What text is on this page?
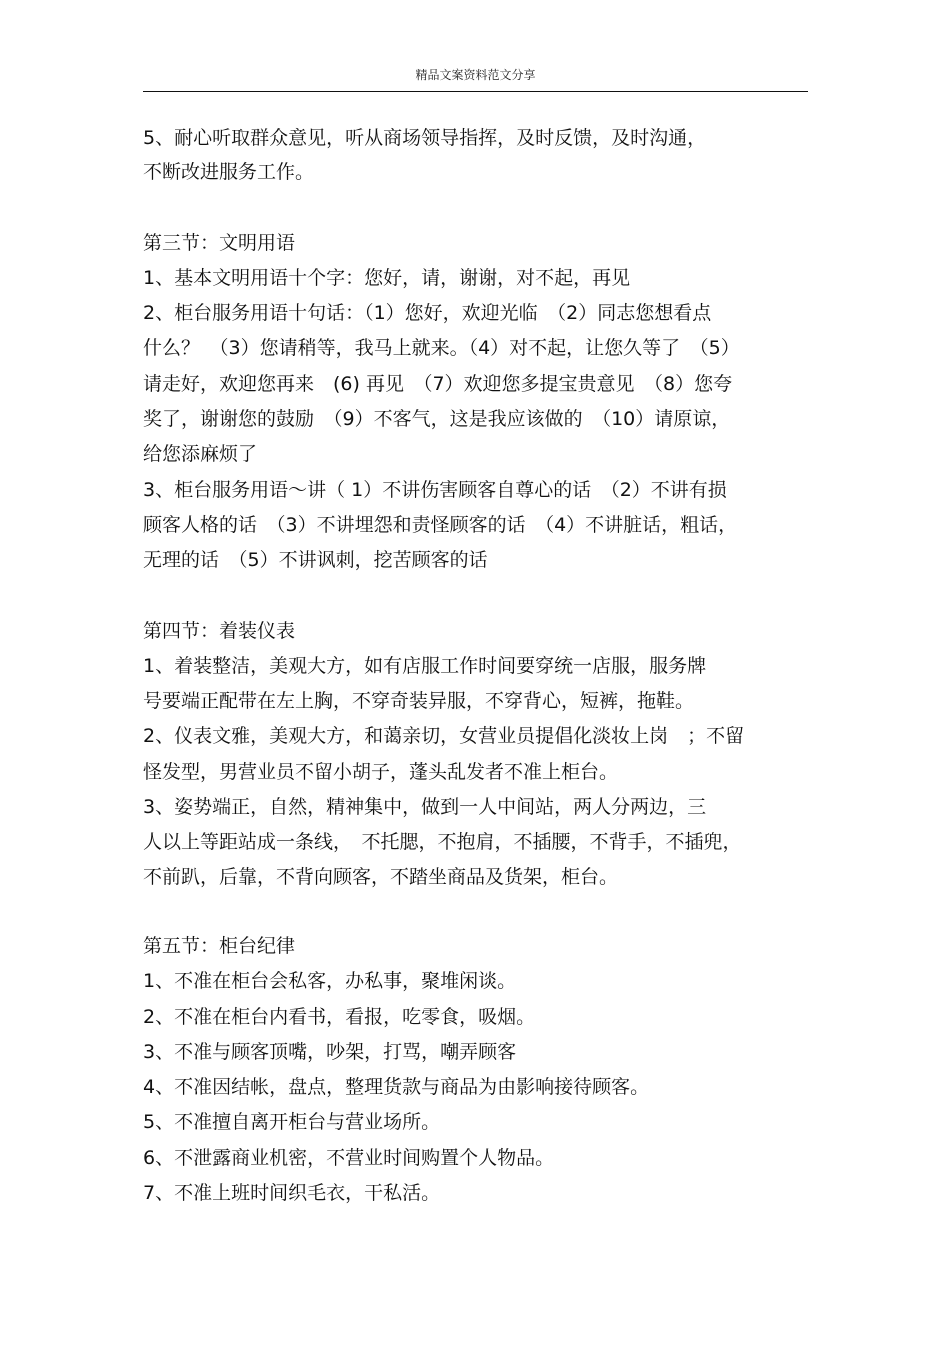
精品文案资料范文分享
5、耐心听取群众意见，听从商场领导指挥，及时反馈，及时沟通，
不断改进服务工作。
第三节：文明用语
1、基本文明用语十个字：您好，请，谢谢，对不起，再见
2、柜台服务用语十句话：（1）您好，欢迎光临　（2）同志您想看点
什么？　（3）您请稍等，我马上就来。（4）对不起，让您久等了　（5）
请走好，欢迎您再来　(6) 再见　（7）欢迎您多提宝贵意见　（8）您夸
奖了，谢谢您的鼓励　（9）不客气，这是我应该做的　（10）请原谅，
给您添麻烦了
3、柜台服务用语～讲（ 1）不讲伤害顾客自尊心的话　（2）不讲有损
顾客人格的话　（3）不讲埋怨和责怪顾客的话　（4）不讲脏话，粗话，
无理的话　（5）不讲讽刺，挖苦顾客的话
第四节：着装仪表
1、着装整洁，美观大方，如有店服工作时间要穿统一店服，服务牌
号要端正配带在左上胸，不穿奇装异服，不穿背心，短裤，拖鞋。
2、仪表文雅，美观大方，和蔼亲切，女营业员提倡化淡妆上岗　；不留
怪发型，男营业员不留小胡子，蓬头乱发者不准上柜台。
3、姿势端正，自然，精神集中，做到一人中间站，两人分两边，三
人以上等距站成一条线，　不托腮，不抱肩，不插腰，不背手，不插兜，
不前趴，后靠，不背向顾客，不踏坐商品及货架，柜台。
第五节：柜台纪律
1、不准在柜台会私客，办私事，聚堆闲谈。
2、不准在柜台内看书，看报，吃零食，吸烟。
3、不准与顾客顶嘴，吵架，打骂，嘲弄顾客
4、不准因结帐，盘点，整理货款与商品为由影响接待顾客。
5、不准擅自离开柜台与营业场所。
6、不泄露商业机密，不营业时间购置个人物品。
7、不准上班时间织毛衣，干私活。
